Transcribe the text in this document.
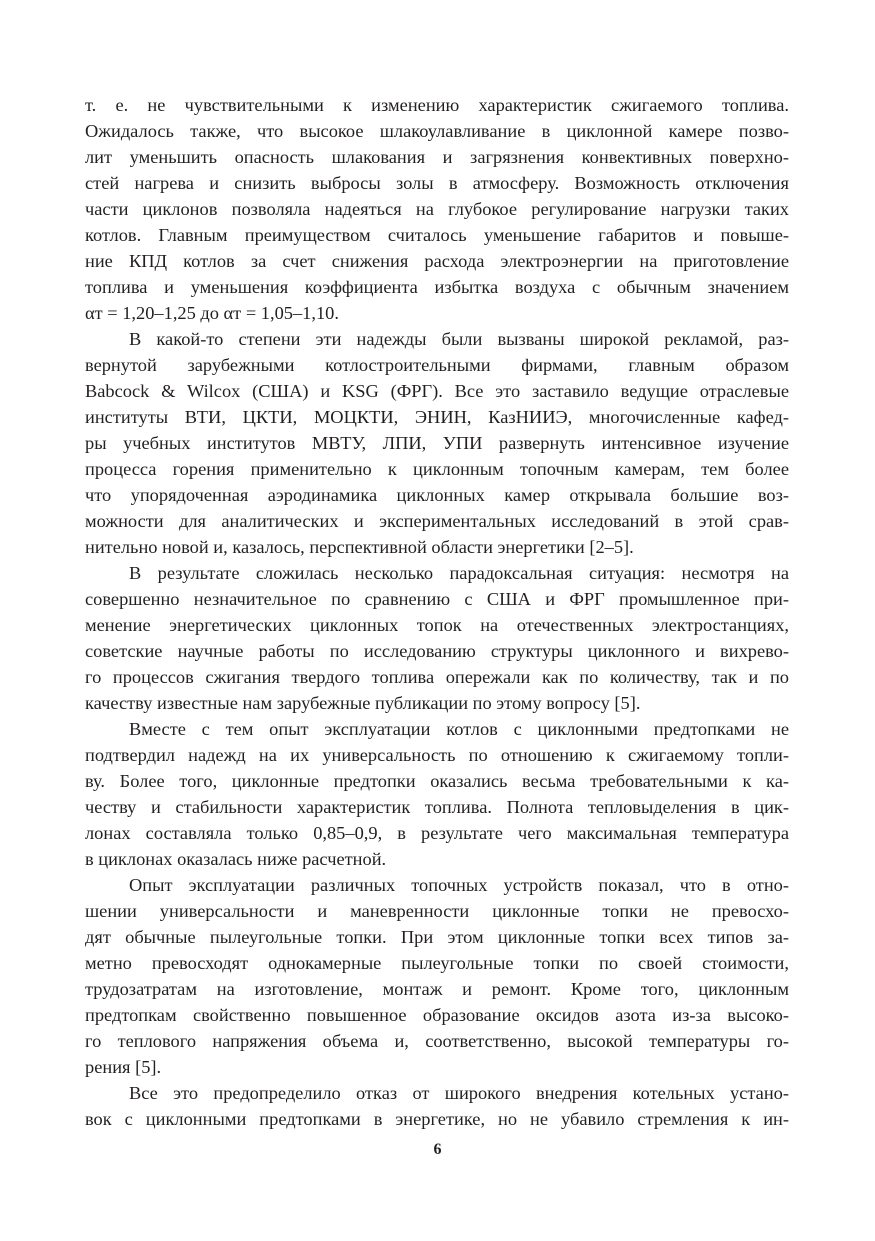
т. е. не чувствительными к изменению характеристик сжигаемого топлива.
Ожидалось также, что высокое шлакоулавливание в циклонной камере позво-
лит уменьшить опасность шлакования и загрязнения конвективных поверхно-
стей нагрева и снизить выбросы золы в атмосферу. Возможность отключения
части циклонов позволяла надеяться на глубокое регулирование нагрузки таких
котлов. Главным преимуществом считалось уменьшение габаритов и повыше-
ние КПД котлов за счет снижения расхода электроэнергии на приготовление
топлива и уменьшения коэффициента избытка воздуха с обычным значением
αт = 1,20–1,25 до αт = 1,05–1,10.
В какой-то степени эти надежды были вызваны широкой рекламой, раз-
вернутой зарубежными котлостроительными фирмами, главным образом
Babcock & Wilcox (США) и KSG (ФРГ). Все это заставило ведущие отраслевые
институты ВТИ, ЦКТИ, МОЦКТИ, ЭНИН, КазНИИЭ, многочисленные кафед-
ры учебных институтов МВТУ, ЛПИ, УПИ развернуть интенсивное изучение
процесса горения применительно к циклонным топочным камерам, тем более
что упорядоченная аэродинамика циклонных камер открывала большие воз-
можности для аналитических и экспериментальных исследований в этой срав-
нительно новой и, казалось, перспективной области энергетики [2–5].
В результате сложилась несколько парадоксальная ситуация: несмотря на
совершенно незначительное по сравнению с США и ФРГ промышленное при-
менение энергетических циклонных топок на отечественных электростанциях,
советские научные работы по исследованию структуры циклонного и вихрево-
го процессов сжигания твердого топлива опережали как по количеству, так и по
качеству известные нам зарубежные публикации по этому вопросу [5].
Вместе с тем опыт эксплуатации котлов с циклонными предтопками не
подтвердил надежд на их универсальность по отношению к сжигаемому топли-
ву. Более того, циклонные предтопки оказались весьма требовательными к ка-
честву и стабильности характеристик топлива. Полнота тепловыделения в цик-
лонах составляла только 0,85–0,9, в результате чего максимальная температура
в циклонах оказалась ниже расчетной.
Опыт эксплуатации различных топочных устройств показал, что в отно-
шении универсальности и маневренности циклонные топки не превосхо-
дят обычные пылеугольные топки. При этом циклонные топки всех типов за-
метно превосходят однокамерные пылеугольные топки по своей стоимости,
трудозатратам на изготовление, монтаж и ремонт. Кроме того, циклонным
предтопкам свойственно повышенное образование оксидов азота из-за высоко-
го теплового напряжения объема и, соответственно, высокой температуры го-
рения [5].
Все это предопределило отказ от широкого внедрения котельных устано-
вок с циклонными предтопками в энергетике, но не убавило стремления к ин-
6
